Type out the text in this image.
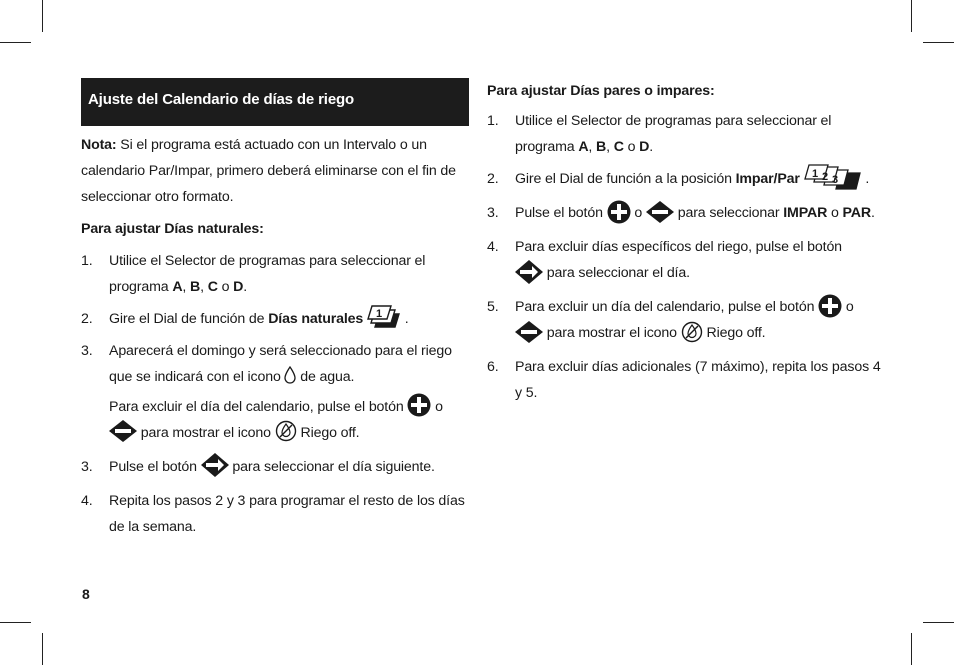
Ajuste del Calendario de días de riego

Nota: Si el programa está actuado con un Intervalo o un calendario Par/Impar, primero deberá eliminarse con el fin de seleccionar otro formato.

Para ajustar Días naturales:

1. Utilice el Selector de programas para seleccionar el programa A, B, C o D.
2. Gire el Dial de función de Días naturales 1 .
3. Aparecerá el domingo y será seleccionado para el riego que se indicará con el icono  de agua.
Para excluir el día del calendario, pulse el botón  o
para mostrar el icono  Riego off.
3. Pulse el botón  para seleccionar el día siguiente.
4. Repita los pasos 2 y 3 para programar el resto de los días de la semana.

Para ajustar Días pares o impares:

1. Utilice el Selector de programas para seleccionar el programa A, B, C o D.
2. Gire el Dial de función a la posición Impar/Par 1 2 3 .
3. Pulse el botón  o  para seleccionar IMPAR o PAR.
4. Para excluir días específicos del riego, pulse el botón
para seleccionar el día.
5. Para excluir un día del calendario, pulse el botón  o
para mostrar el icono  Riego off.
6. Para excluir días adicionales (7 máximo), repita los pasos 4 y 5.
8
